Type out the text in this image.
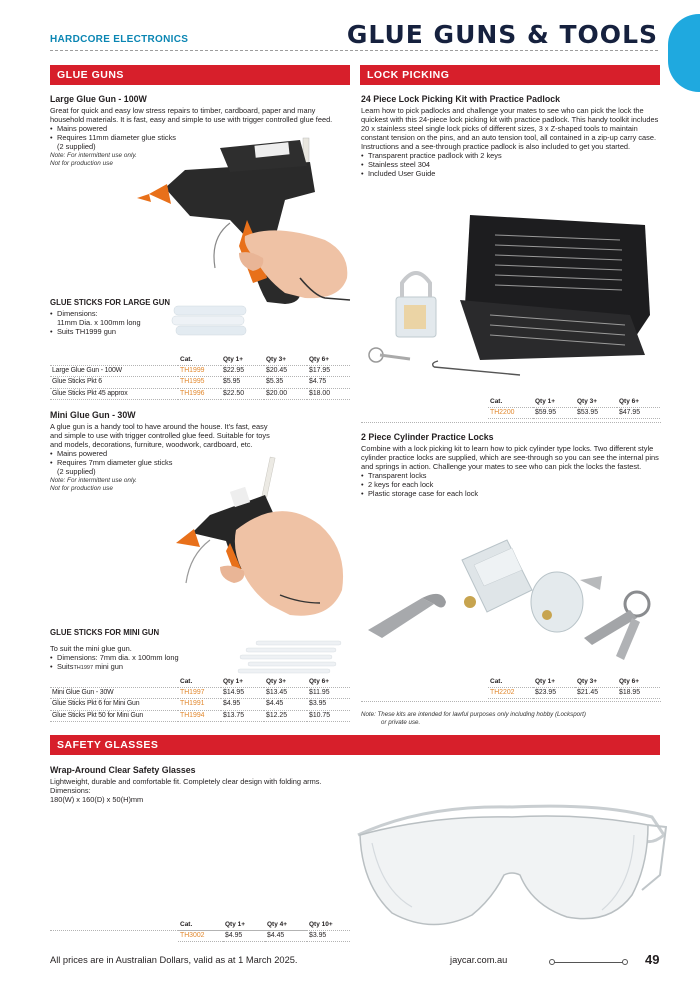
HARDCORE ELECTRONICS	GLUE GUNS & TOOLS
GLUE GUNS	LOCK PICKING
SAFETY GLASSES
Large Glue Gun - 100W
Great for quick and easy low stress repairs to timber, cardboard, paper and many household materials. It is fast, easy and simple to use with trigger controlled glue feed.
• Mains powered
• Requires 11mm diameter glue sticks
(2 supplied)
Note: For intermittent use only.
Not for production use
GLUE STICKS FOR LARGE GUN
• Dimensions:
11mm Dia. x 100mm long
• Suits TH1999 gun
	Cat.	Qty 1+	Qty 3+	Qty 6+
Large Glue Gun - 100W	TH1999	$22.95	$20.45	$17.95
Glue Sticks Pkt 6	TH1995	$5.95	$5.35	$4.75
Glue Sticks Pkt 45 approx	TH1996	$22.50	$20.00	$18.00
Mini Glue Gun - 30W
A glue gun is a handy tool to have around the house. It's fast, easy and simple to use with trigger controlled glue feed. Suitable for toys and models, decorations, furniture, woodwork, cardboard, etc.
• Mains powered
• Requires 7mm diameter glue sticks
(2 supplied)
Note: For intermittent use only.
Not for production use
GLUE STICKS FOR MINI GUN
To suit the mini glue gun.
• Dimensions: 7mm dia. x 100mm long
• SuitsTH1997 mini gun
	Cat.	Qty 1+	Qty 3+	Qty 6+
Mini Glue Gun - 30W	TH1997	$14.95	$13.45	$11.95
Glue Sticks Pkt 6 for Mini Gun	TH1991	$4.95	$4.45	$3.95
Glue Sticks Pkt 50 for Mini Gun	TH1994	$13.75	$12.25	$10.75
24 Piece Lock Picking Kit with Practice Padlock
Learn how to pick padlocks and challenge your mates to see who can pick the lock the quickest with this 24-piece lock picking kit with practice padlock. This handy toolkit includes 20 x stainless steel single lock picks of different sizes, 3 x Z-shaped tools to maintain constant tension on the pins, and an auto tension tool, all contained in a zip-up carry case. Instructions and a see-through practice padlock is also included to get you started.
• Transparent practice padlock with 2 keys
• Stainless steel 304
• Included User Guide
Cat.	Qty 1+	Qty 3+	Qty 6+
TH2200	$59.95	$53.95	$47.95
2 Piece Cylinder Practice Locks
Combine with a lock picking kit to learn how to pick cylinder type locks. Two different style cylinder practice locks are supplied, which are see-through so you can see the internal pins and springs in action. Challenge your mates to see who can pick the locks the fastest.
• Transparent locks
• 2 keys for each lock
• Plastic storage case for each lock
Cat.	Qty 1+	Qty 3+	Qty 6+
TH2202	$23.95	$21.45	$18.95
Note: These kits are intended for lawful purposes only including hobby (Locksport)
or private use.
Wrap-Around Clear Safety Glasses
Lightweight, durable and comfortable fit. Completely clear design with folding arms.
Dimensions:
180(W) x 160(D) x 50(H)mm
Cat.	Qty 1+	Qty 4+	Qty 10+
TH3002	$4.95	$4.45	$3.95
All prices are in Australian Dollars, valid as at 1 March 2025.	jaycar.com.au	49
